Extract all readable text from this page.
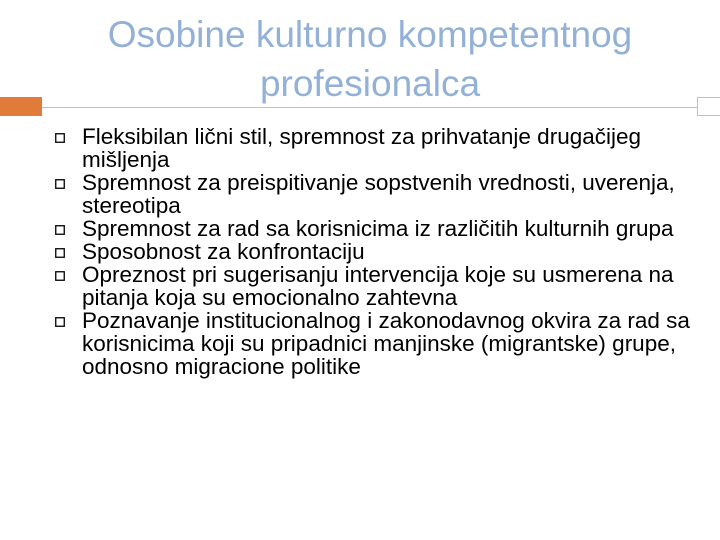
Osobine kulturno kompetentnog profesionalca
Fleksibilan lični stil, spremnost za prihvatanje drugačijeg mišljenja
Spremnost za preispitivanje sopstvenih vrednosti, uverenja, stereotipa
Spremnost za rad sa korisnicima iz različitih kulturnih grupa
Sposobnost za konfrontaciju
Opreznost pri sugerisanju intervencija koje su usmerena na pitanja koja su emocionalno zahtevna
Poznavanje institucionalnog i zakonodavnog okvira za rad sa korisnicima koji su pripadnici manjinske (migrantske) grupe, odnosno migracione politike
